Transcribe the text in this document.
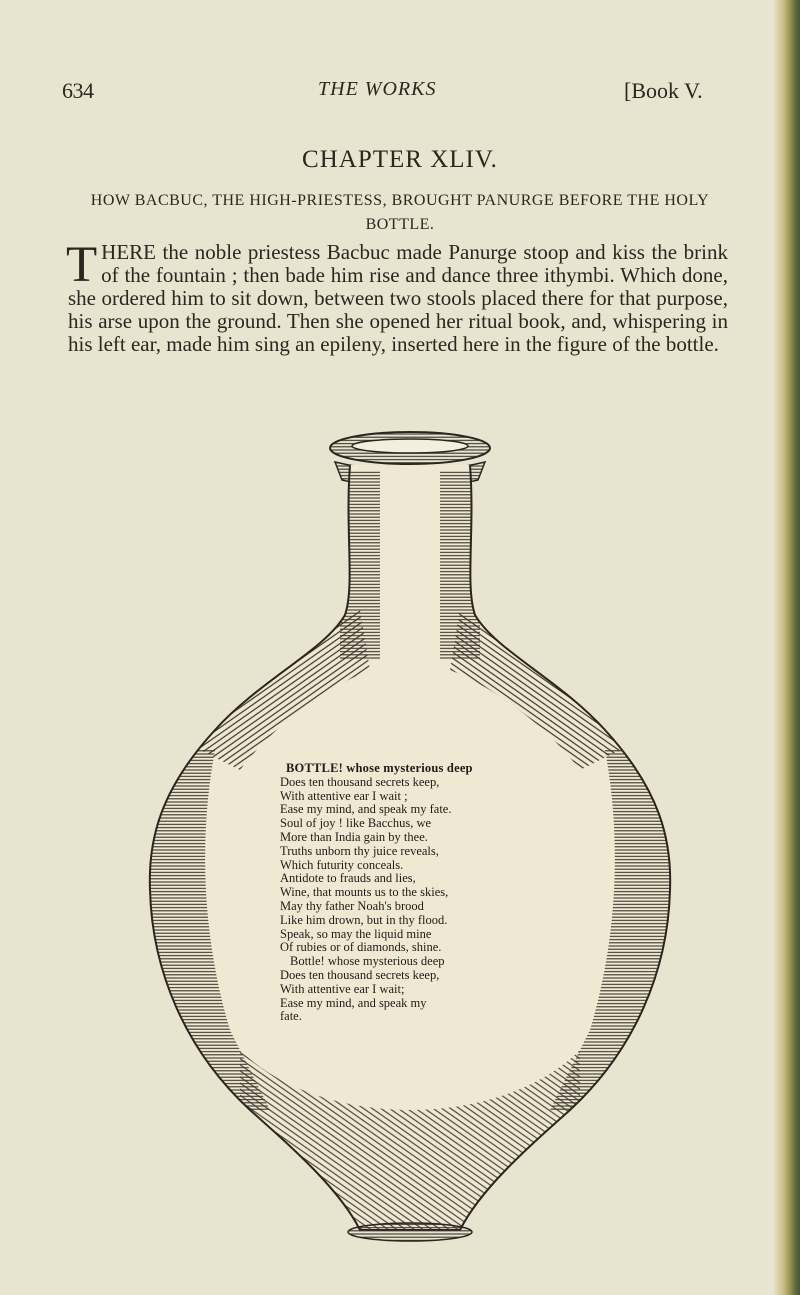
634	THE WORKS	[Book V.
CHAPTER XLIV.
HOW BACBUC, THE HIGH-PRIESTESS, BROUGHT PANURGE BEFORE THE HOLY BOTTLE.

THERE the noble priestess Bacbuc made Panurge stoop and kiss the brink of the fountain ; then bade him rise and dance three ithymbi. Which done, she ordered him to sit down, between two stools placed there for that purpose, his arse upon the ground. Then she opened her ritual book, and, whispering in his left ear, made him sing an epileny, inserted here in the figure of the bottle.

BOTTLE! whose mysterious deep
Does ten thousand secrets keep,
With attentive ear I wait ;
Ease my mind, and speak my fate.
Soul of joy ! like Bacchus, we
More than India gain by thee.
Truths unborn thy juice reveals,
Which futurity conceals.
Antidote to frauds and lies,
Wine, that mounts us to the skies,
May thy father Noah's brood
Like him drown, but in thy flood.
Speak, so may the liquid mine
Of rubies or of diamonds, shine.
Bottle! whose mysterious deep
Does ten thousand secrets keep,
With attentive ear I wait;
Ease my mind, and speak my
fate.
